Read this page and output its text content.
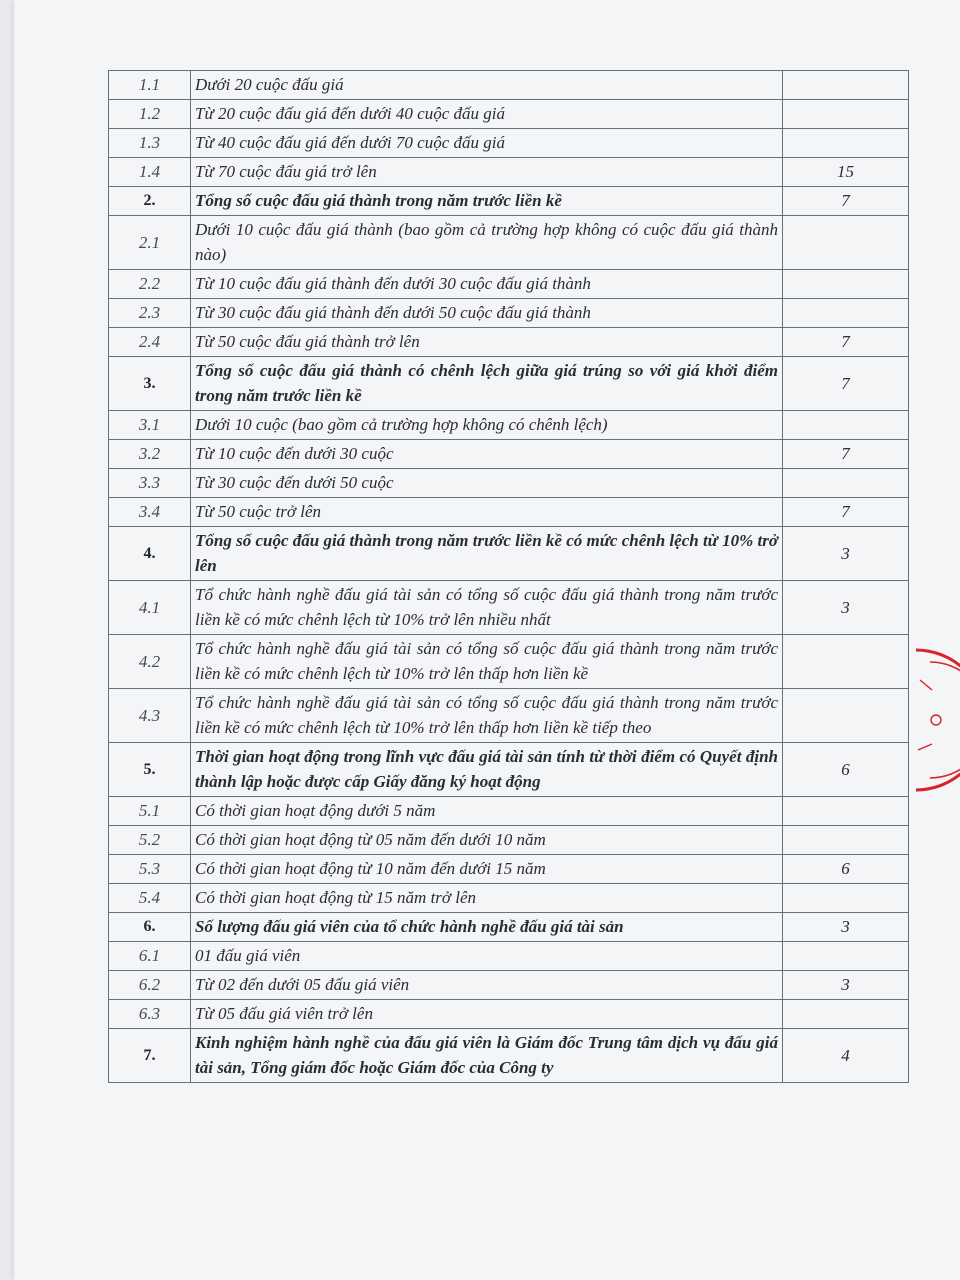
1.1	Dưới 20 cuộc đấu giá	
1.2	Từ 20 cuộc đấu giá đến dưới 40 cuộc đấu giá	
1.3	Từ 40 cuộc đấu giá đến dưới 70 cuộc đấu giá	
1.4	Từ 70 cuộc đấu giá trở lên	15
2.	Tổng số cuộc đấu giá thành trong năm trước liền kề	7
2.1	Dưới 10 cuộc đấu giá thành (bao gồm cả trường hợp không có cuộc đấu giá thành nào)	
2.2	Từ 10 cuộc đấu giá thành đến dưới 30 cuộc đấu giá thành	
2.3	Từ 30 cuộc đấu giá thành đến dưới 50 cuộc đấu giá thành	
2.4	Từ 50 cuộc đấu giá thành trở lên	7
3.	Tổng số cuộc đấu giá thành có chênh lệch giữa giá trúng so với giá khởi điểm trong năm trước liền kề	7
3.1	Dưới 10 cuộc (bao gồm cả trường hợp không có chênh lệch)	
3.2	Từ 10 cuộc đến dưới 30 cuộc	7
3.3	Từ 30 cuộc đến dưới 50 cuộc	
3.4	Từ 50 cuộc trở lên	7
4.	Tổng số cuộc đấu giá thành trong năm trước liền kề có mức chênh lệch từ 10% trở lên	3
4.1	Tổ chức hành nghề đấu giá tài sản có tổng số cuộc đấu giá thành trong năm trước liền kề có mức chênh lệch từ 10% trở lên nhiều nhất	3
4.2	Tổ chức hành nghề đấu giá tài sản có tổng số cuộc đấu giá thành trong năm trước liền kề có mức chênh lệch từ 10% trở lên thấp hơn liền kề	
4.3	Tổ chức hành nghề đấu giá tài sản có tổng số cuộc đấu giá thành trong năm trước liền kề có mức chênh lệch từ 10% trở lên thấp hơn liền kề tiếp theo	
5.	Thời gian hoạt động trong lĩnh vực đấu giá tài sản tính từ thời điểm có Quyết định thành lập hoặc được cấp Giấy đăng ký hoạt động	6
5.1	Có thời gian hoạt động dưới 5 năm	
5.2	Có thời gian hoạt động từ 05 năm đến dưới 10 năm	
5.3	Có thời gian hoạt động từ 10 năm đến dưới 15 năm	6
5.4	Có thời gian hoạt động từ 15 năm trở lên	
6.	Số lượng đấu giá viên của tổ chức hành nghề đấu giá tài sản	3
6.1	01 đấu giá viên	
6.2	Từ 02 đến dưới 05 đấu giá viên	3
6.3	Từ 05 đấu giá viên trở lên	
7.	Kinh nghiệm hành nghề của đấu giá viên là Giám đốc Trung tâm dịch vụ đấu giá tài sản, Tổng giám đốc hoặc Giám đốc của Công ty	4
